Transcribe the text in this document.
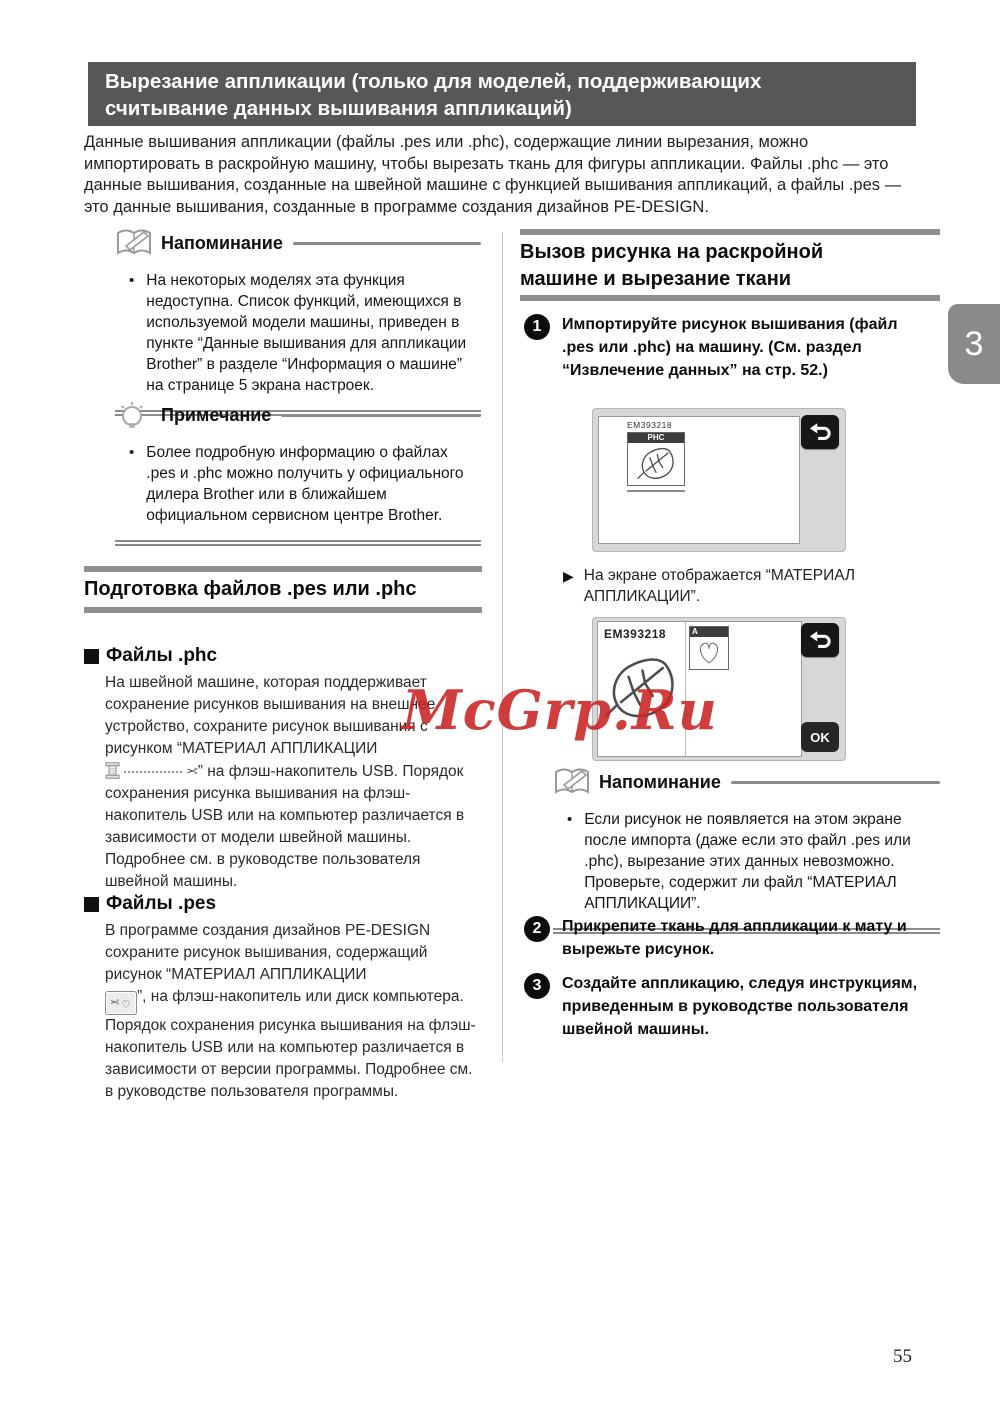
Вырезание аппликации (только для моделей, поддерживающих
считывание данных вышивания аппликаций)

Данные вышивания аппликации (файлы .pes или .phc), содержащие линии вырезания, можно импортировать в раскройную машину, чтобы вырезать ткань для фигуры аппликации. Файлы .phc — это данные вышивания, созданные на швейной машине с функцией вышивания аппликаций, а файлы .pes — это данные вышивания, созданные в программе создания дизайнов PE-DESIGN.

Напоминание
• На некоторых моделях эта функция недоступна. Список функций, имеющихся в используемой модели машины, приведен в пункте “Данные вышивания для аппликации Brother” в разделе “Информация о машине” на странице 5 экрана настроек.
Примечание
• Более подробную информацию о файлах .pes и .phc можно получить у официального дилера Brother или в ближайшем официальном сервисном центре Brother.
Подготовка файлов .pes или .phc
Файлы .phc

На швейной машине, которая поддерживает сохранение рисунков вышивания на внешнее устройство, сохраните рисунок вышивания с рисунком “МАТЕРИАЛ АППЛИКАЦИИ
✂” на флэш-накопитель USB. Порядок сохранения рисунка вышивания на флэш-накопитель USB или на компьютер различается в зависимости от модели швейной машины. Подробнее см. в руководстве пользователя швейной машины.

Файлы .pes

В программе создания дизайнов PE-DESIGN сохраните рисунок вышивания, содержащий рисунок “МАТЕРИАЛ АППЛИКАЦИИ

✂ ”, на флэш-накопитель или диск компьютера. Порядок сохранения рисунка вышивания на флэш-накопитель USB или на компьютер различается в зависимости от версии программы. Подробнее см. в руководстве пользователя программы.

Вызов рисунка на раскройной
машине и вырезание ткани
1	Импортируйте рисунок вышивания (файл .pes или .phc) на машину. (См. раздел “Извлечение данных” на стр. 52.)
EM393218
PHC
▶ На экране отображается “МАТЕРИАЛ АППЛИКАЦИИ”.
EM393218	A
OK
Напоминание
• Если рисунок не появляется на этом экране после импорта (даже если это файл .pes или .phc), вырезание этих данных невозможно. Проверьте, содержит ли файл “МАТЕРИАЛ АППЛИКАЦИИ”.
2	Прикрепите ткань для аппликации к мату и вырежьте рисунок.
3	Создайте аппликацию, следуя инструкциям, приведенным в руководстве пользователя швейной машины.
3
McGrp.Ru
55
